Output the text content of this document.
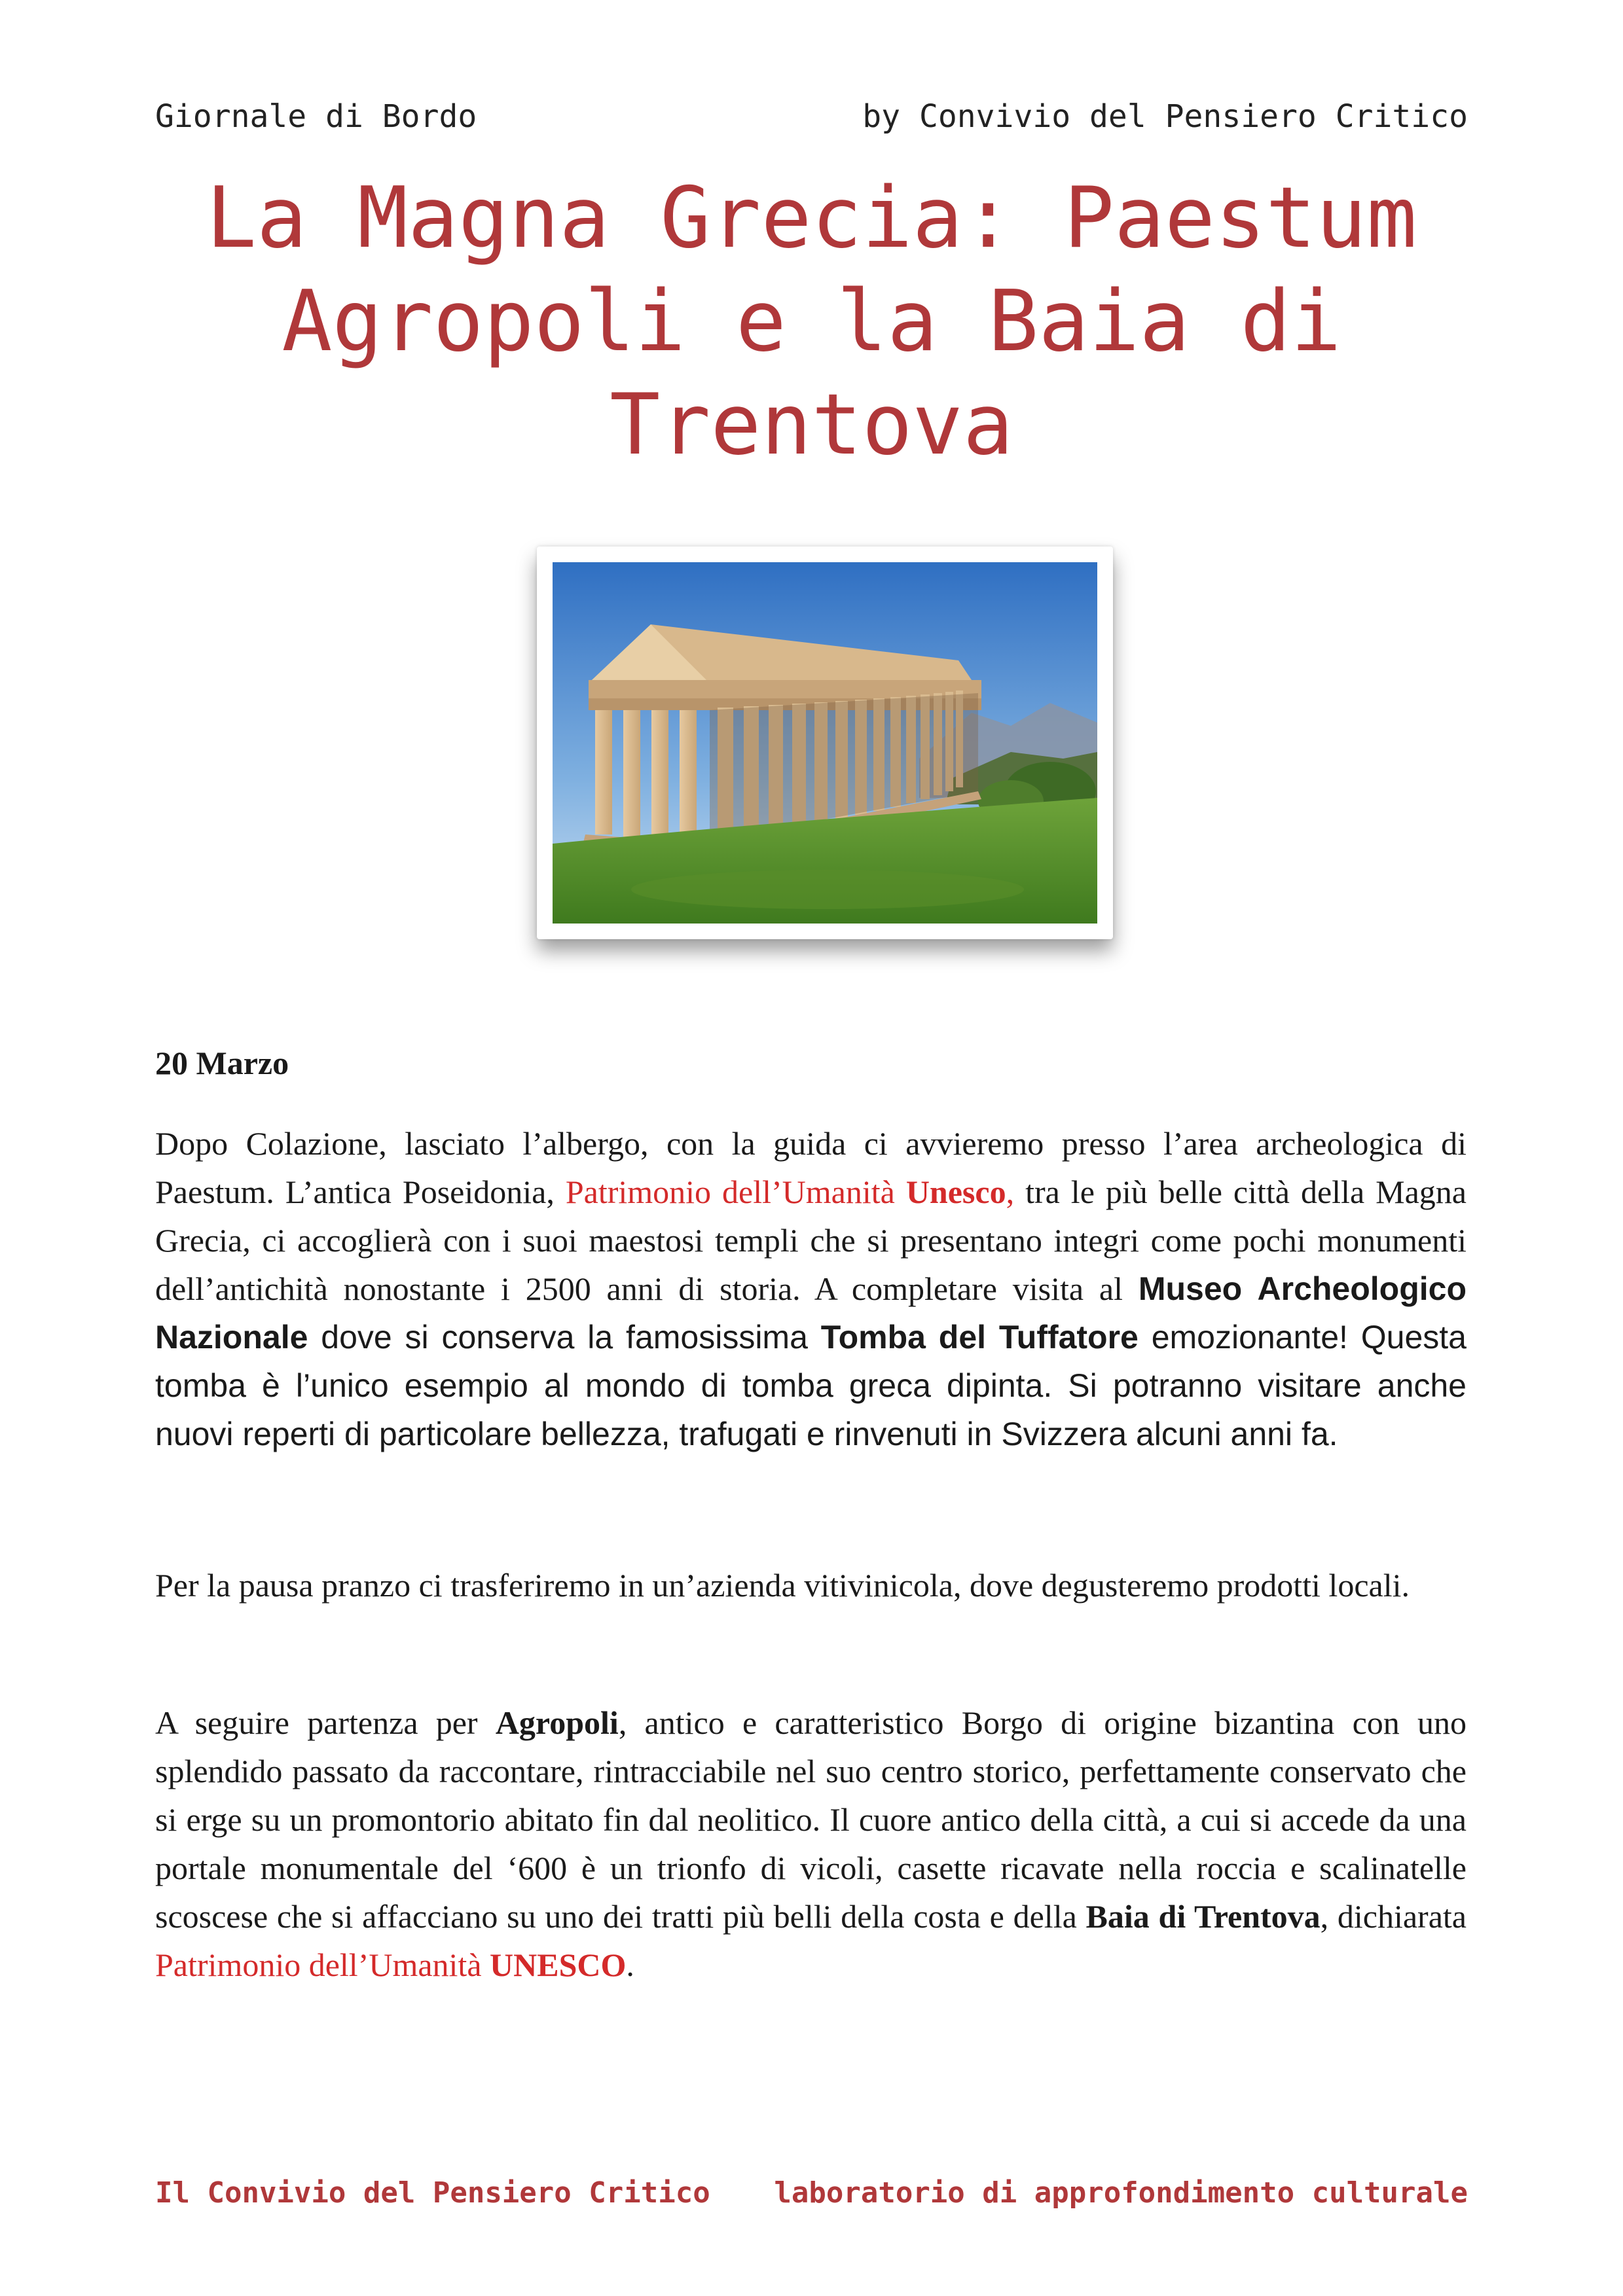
Giornale di Bordo	by Convivio del Pensiero Critico
La Magna Grecia: Paestum
Agropoli e la Baia di
Trentova
20 Marzo
Dopo Colazione, lasciato l’albergo, con la guida ci avvieremo presso l’area archeologica di Paestum. L’antica Poseidonia, Patrimonio dell’Umanità Unesco, tra le più belle città della Magna Grecia, ci accoglierà con i suoi maestosi templi che si presentano integri come pochi monumenti dell’antichità nonostante i 2500 anni di storia. A completare visita al Museo Archeologico Nazionale dove si conserva la famosissima Tomba del Tuffatore emozionante! Questa tomba è l’unico esempio al mondo di tomba greca dipinta. Si potranno visitare anche nuovi reperti di particolare bellezza, trafugati e rinvenuti in Svizzera alcuni anni fa.
Per la pausa pranzo ci trasferiremo in un’azienda vitivinicola, dove degusteremo prodotti locali.
A seguire partenza per Agropoli, antico e caratteristico Borgo di origine bizantina con uno splendido passato da raccontare, rintracciabile nel suo centro storico, perfettamente conservato che si erge su un promontorio abitato fin dal neolitico. Il cuore antico della città, a cui si accede da una portale monumentale del ‘600 è un trionfo di vicoli, casette ricavate nella roccia e scalinatelle scoscese che si affacciano su uno dei tratti più belli della costa e della Baia di Trentova, dichiarata Patrimonio dell’Umanità UNESCO.
Il Convivio del Pensiero Critico laboratorio di approfondimento culturale
